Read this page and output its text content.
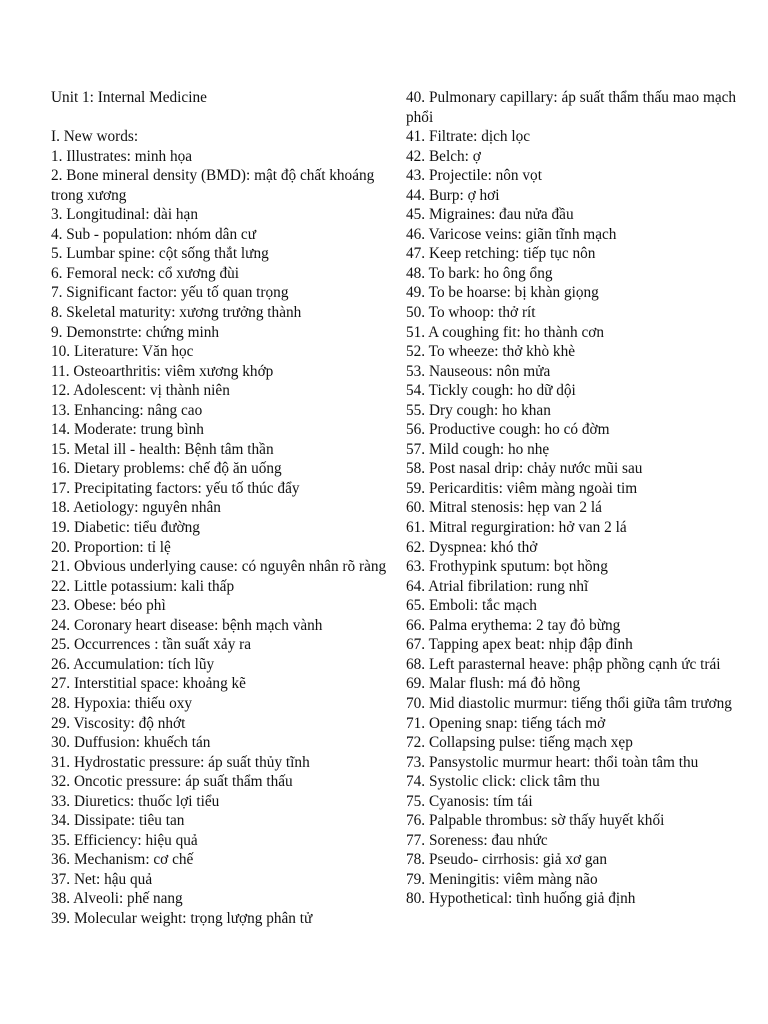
Unit 1: Internal Medicine

I. New words:

1. Illustrates: minh họa

2. Bone mineral density (BMD): mật độ chất khoáng trong xương

3. Longitudinal: dài hạn

4. Sub - population: nhóm dân cư

5. Lumbar spine: cột sống thắt lưng

6. Femoral neck: cổ xương đùi

7. Significant factor: yếu tố quan trọng

8. Skeletal maturity: xương trưởng thành

9. Demonstrte: chứng minh

10. Literature: Văn học

11. Osteoarthritis: viêm xương khớp

12. Adolescent: vị thành niên

13. Enhancing: nâng cao

14. Moderate: trung bình

15. Metal ill - health: Bệnh tâm thần

16. Dietary problems: chế độ ăn uống

17. Precipitating factors: yếu tố thúc đẩy

18. Aetiology: nguyên nhân

19. Diabetic: tiểu đường

20. Proportion: tỉ lệ

21. Obvious underlying cause: có nguyên nhân rõ ràng

22. Little potassium: kali thấp

23. Obese: béo phì

24. Coronary heart disease: bệnh mạch vành

25. Occurrences : tần suất xảy ra

26. Accumulation: tích lũy

27. Interstitial space: khoảng kẽ

28. Hypoxia: thiếu oxy

29. Viscosity: độ nhớt

30. Duffusion: khuếch tán

31. Hydrostatic pressure: áp suất thủy tĩnh

32. Oncotic pressure: áp suất thẩm thấu

33. Diuretics: thuốc lợi tiểu

34. Dissipate: tiêu tan

35. Efficiency: hiệu quả

36. Mechanism: cơ chế

37. Net: hậu quả

38. Alveoli: phế nang

39. Molecular weight: trọng lượng phân tử

40. Pulmonary capillary: áp suất thẩm thấu mao mạch phổi

41. Filtrate: dịch lọc

42. Belch: ợ

43. Projectile: nôn vọt

44. Burp: ợ hơi

45. Migraines: đau nửa đầu

46. Varicose veins: giãn tĩnh mạch

47. Keep retching: tiếp tục nôn

48. To bark: ho ông ổng

49. To be hoarse: bị khàn giọng

50. To whoop: thở rít

51. A coughing fit: ho thành cơn

52. To wheeze: thở khò khè

53. Nauseous: nôn mửa

54. Tickly cough: ho dữ dội

55. Dry cough: ho khan

56. Productive cough: ho có đờm

57. Mild cough: ho nhẹ

58. Post nasal drip: chảy nước mũi sau

59. Pericarditis: viêm màng ngoài tim

60. Mitral stenosis: hẹp van 2 lá

61. Mitral regurgiration: hở van 2 lá

62. Dyspnea: khó thở

63. Frothypink sputum: bọt hồng

64. Atrial fibrilation: rung nhĩ

65. Emboli: tắc mạch

66. Palma erythema: 2 tay đỏ bừng

67. Tapping apex beat: nhịp đập đỉnh

68. Left parasternal heave: phập phồng cạnh ức trái

69. Malar flush: má đỏ hồng

70. Mid diastolic murmur: tiếng thổi giữa tâm trương

71. Opening snap: tiếng tách mở

72. Collapsing pulse: tiếng mạch xẹp

73. Pansystolic murmur heart: thổi toàn tâm thu

74. Systolic click: click tâm thu

75. Cyanosis: tím tái

76. Palpable thrombus: sờ thấy huyết khối

77. Soreness: đau nhức

78. Pseudo- cirrhosis: giả xơ gan

79. Meningitis: viêm màng não

80. Hypothetical: tình huống giả định
